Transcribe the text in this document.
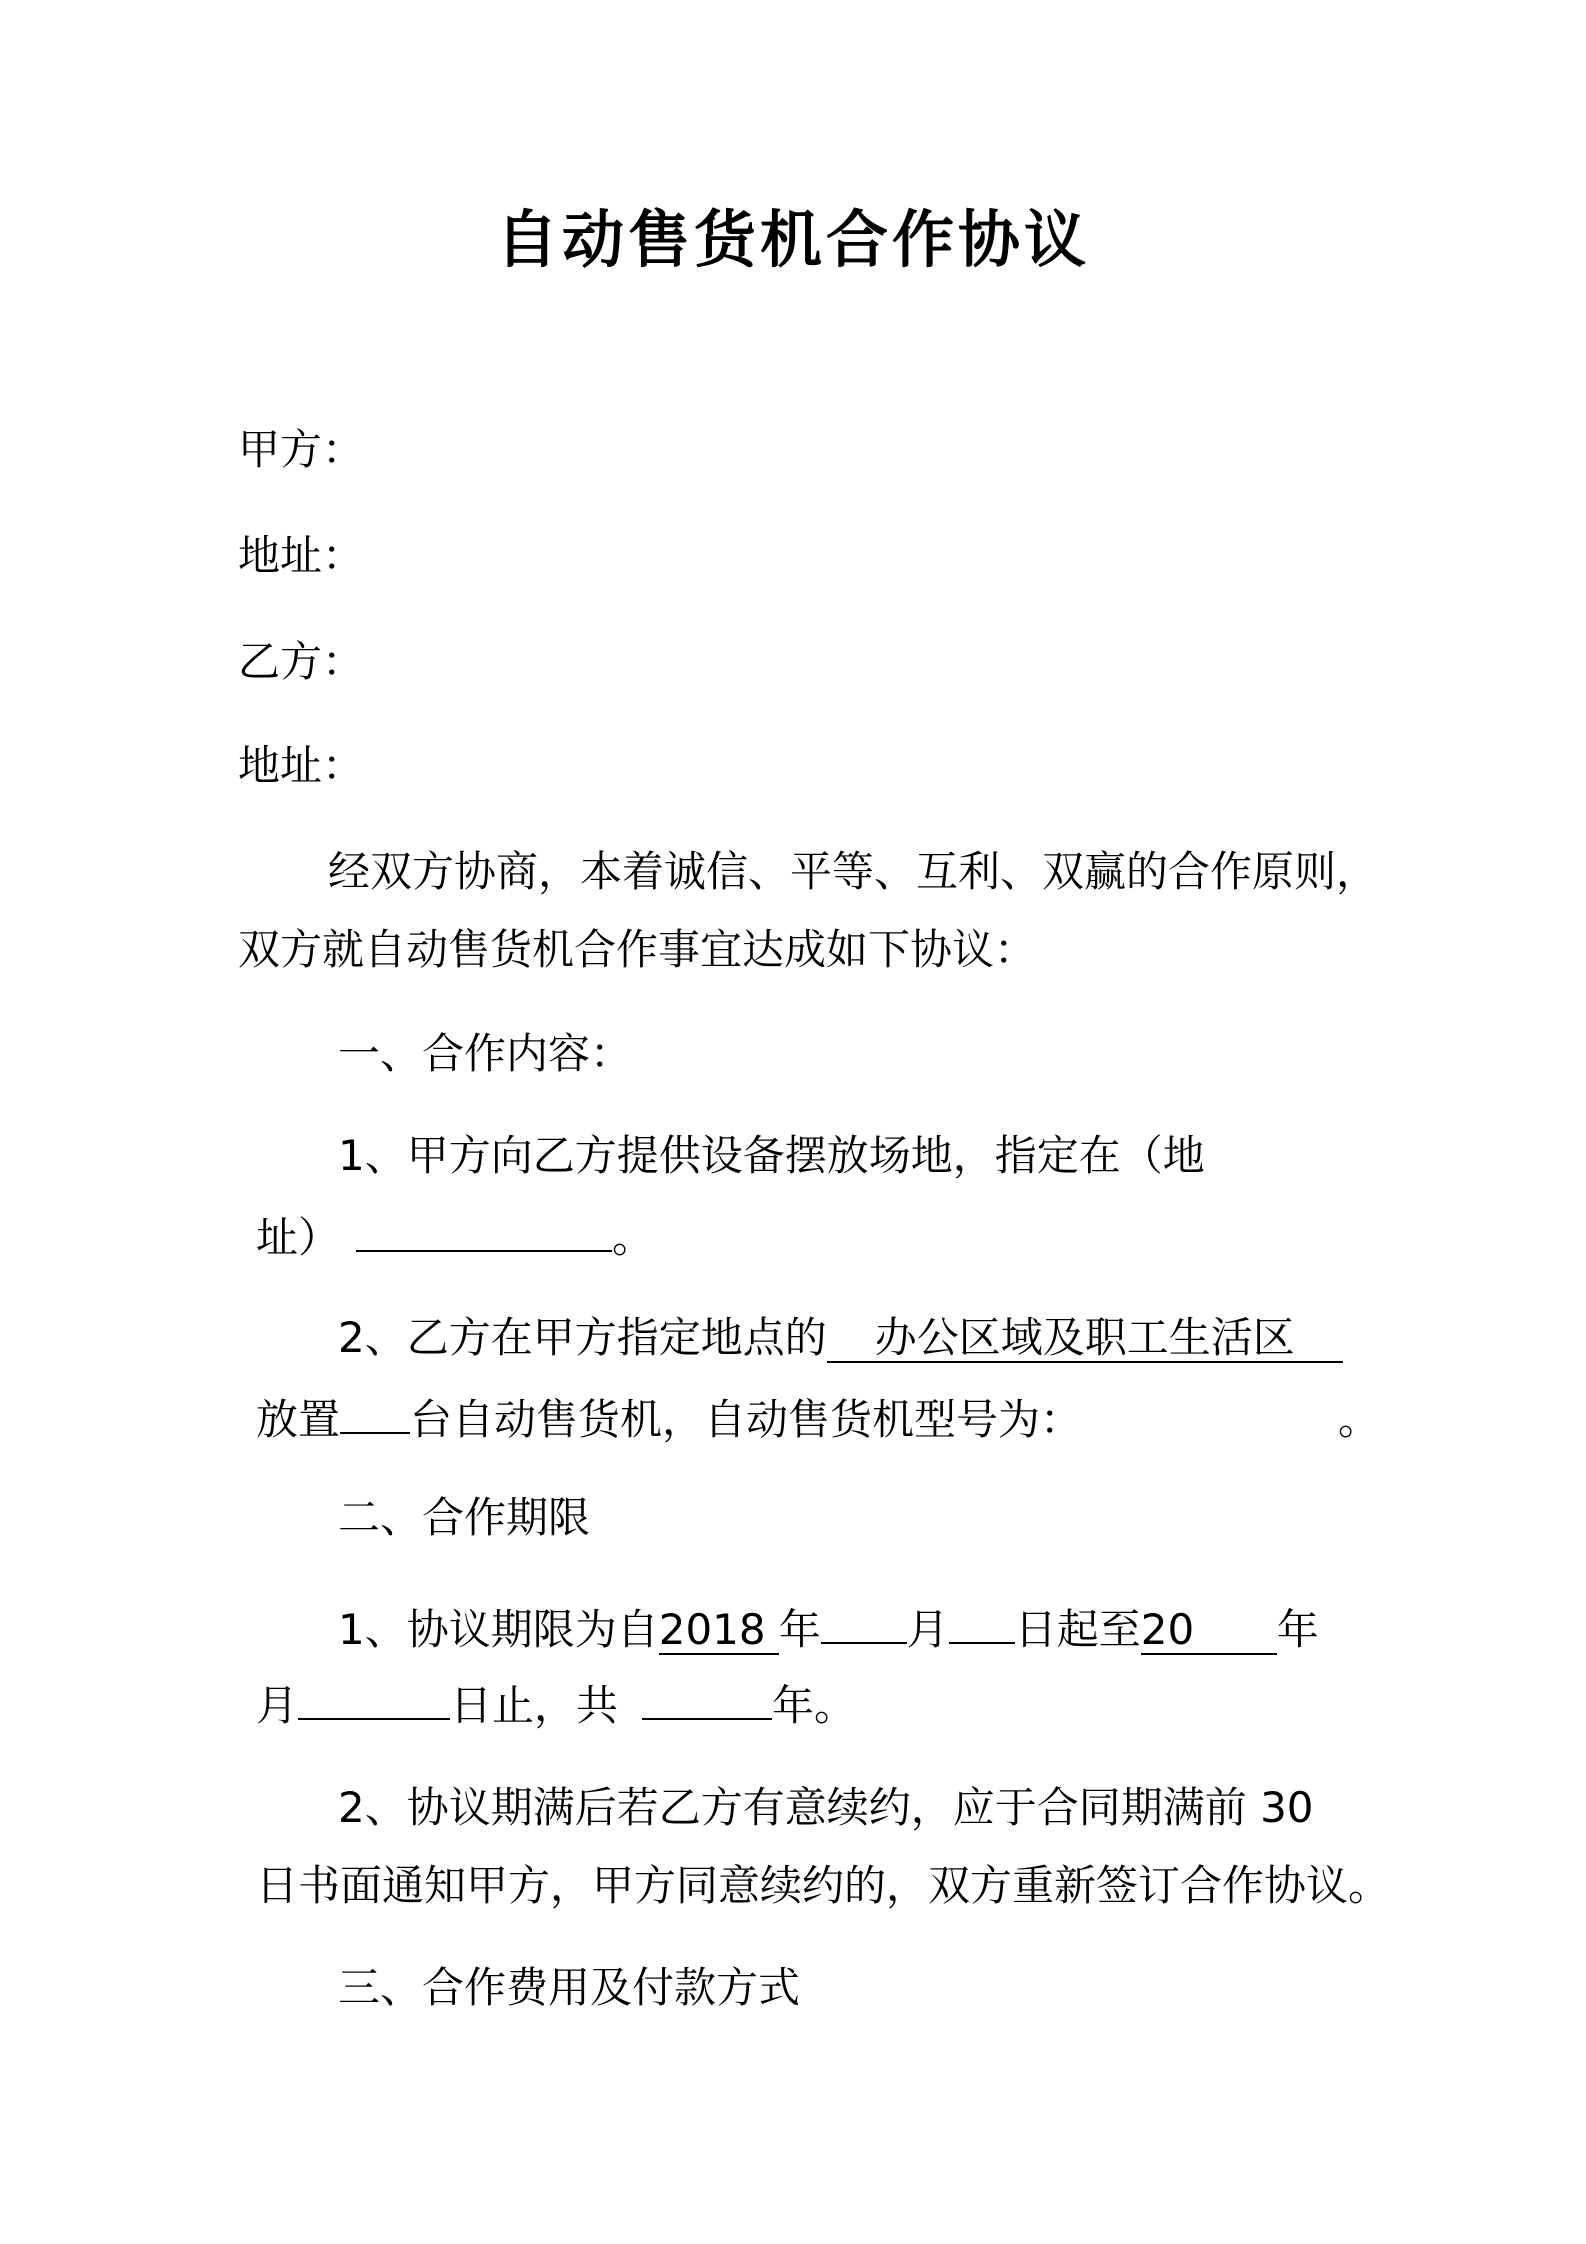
自动售货机合作协议
甲方：
地址：
乙方：
地址：
经双方协商，本着诚信、平等、互利、双赢的合作原则，
双方就自动售货机合作事宜达成如下协议：
一、合作内容：
1、甲方向乙方提供设备摆放场地，指定在（地
址）	。
2、乙方在甲方指定地点的 办公区域及职工生活区
放置 台自动售货机，自动售货机型号为：	。
二、合作期限
1、协议期限为自2018 年 月 日起至20 年
月	日止，共	年。
2、协议期满后若乙方有意续约，应于合同期满前 30
日书面通知甲方，甲方同意续约的，双方重新签订合作协议。
三、合作费用及付款方式
